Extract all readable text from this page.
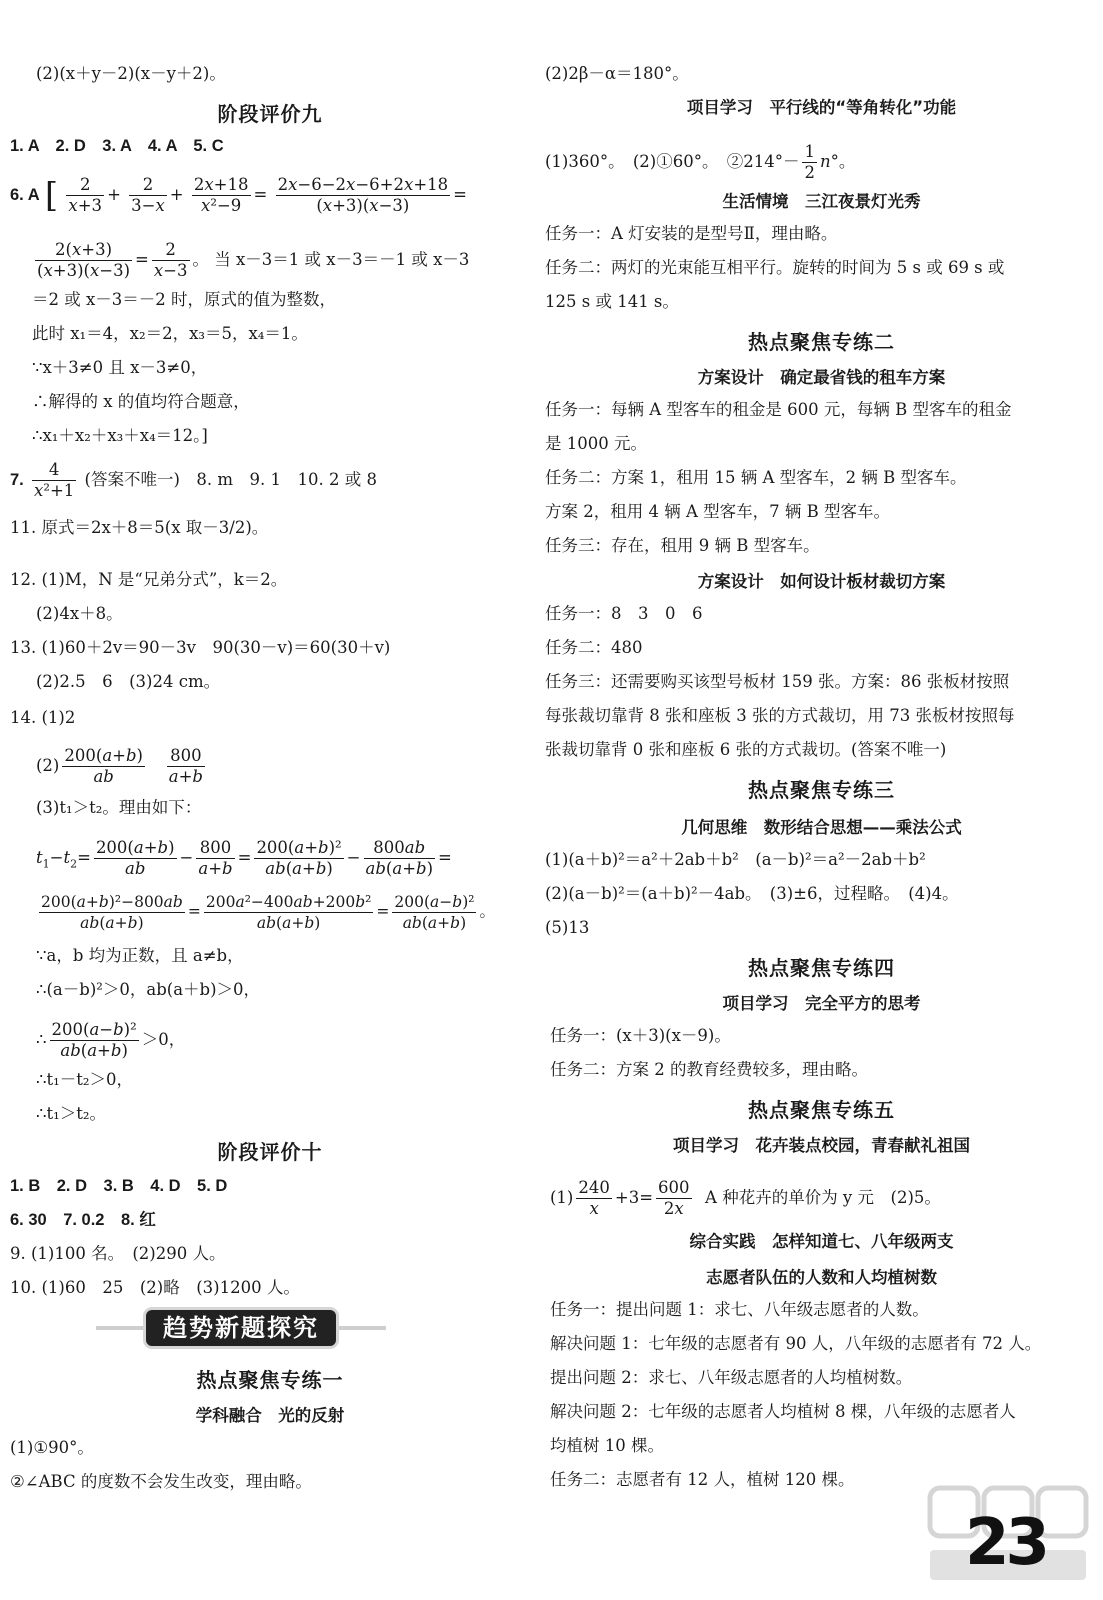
(2)(x＋y－2)(x－y＋2)。
阶段评价九
1. A　2. D　3. A　4. A　5. C
6. A [ $\frac{2}{x+3} + \frac{2}{3-x} + \frac{2x+18}{\text{x²−9}} = \frac{2x-6-2x-6+2x+18}{(x+3)(x-3)}$ =
$\frac{2(x+3)}{(x+3)(x-3)} = \frac{2}{x-3}$ 。 当 x－3＝1 或 x－3＝－1 或 x－3
＝2 或 x－3＝－2 时，原式的值为整数，
此时 x₁＝4，x₂＝2，x₃＝5，x₄＝1。
∵x＋3≠0 且 x－3≠0，
∴解得的 x 的值均符合题意，
∴x₁＋x₂＋x₃＋x₄＝12。]
7. $\frac{4}{\text{x²+1}}$ (答案不唯一)　8. m　9. 1　10. 2 或 8
11. 原式＝2x＋8＝5(x 取－3/2)。
12. (1)M，N 是“兄弟分式”，k＝2。
(2)4x＋8。
13. (1)60＋2v＝90－3v　90(30－v)＝60(30＋v)
(2)2.5　6　(3)24 cm。
14. (1)2
$(2) \frac{200(a+b)}{ab}$
$\frac{800}{a+b}$
(3)t₁＞t₂。理由如下：
$t_1-t_2= \frac{200(a+b)}{ab} - \frac{800}{a+b} = \frac{\text{200(a+b)²}}{ab(a+b)} - \frac{800ab}{ab(a+b)}$ =
$\frac{\text{200(a+b)²−800ab}}{ab(a+b)} = \frac{\text{200a²−400ab+200b²}}{ab(a+b)} = \frac{\text{200(a−b)²}}{ab(a+b)}$ 。
∵a，b 均为正数，且 a≠b，
∴(a－b)²＞0，ab(a＋b)＞0，
∴ $\frac{\text{200(a−b)²}}{ab(a+b)} >0$，
∴t₁－t₂＞0，
∴t₁＞t₂。
阶段评价十
1. B　2. D　3. B　4. D　5. D
6. 30　7. 0.2　8. 红
9. (1)100 名。　(2)290 人。
10. (1)60　25　(2)略　(3)1200 人。
趋势新题探究
热点聚焦专练一
学科融合　光的反射
(1)①90°。
②∠ABC 的度数不会发生改变，理由略。
(2)2β－α＝180°。
项目学习　平行线的“等角转化”功能
(1)360°。　(2)①60°。　②214°－ $\frac{1}{2} n^\circ$。
生活情境　三江夜景灯光秀
任务一：A 灯安装的是型号Ⅱ，理由略。
任务二：两灯的光束能互相平行。旋转的时间为 5 s 或 69 s 或
125 s 或 141 s。
热点聚焦专练二
方案设计　确定最省钱的租车方案
任务一：每辆 A 型客车的租金是 600 元，每辆 B 型客车的租金
是 1000 元。
任务二：方案 1，租用 15 辆 A 型客车，2 辆 B 型客车。
方案 2，租用 4 辆 A 型客车，7 辆 B 型客车。
任务三：存在，租用 9 辆 B 型客车。
方案设计　如何设计板材裁切方案
任务一：8　3　0　6
任务二：480
任务三：还需要购买该型号板材 159 张。方案：86 张板材按照
每张裁切靠背 8 张和座板 3 张的方式裁切，用 73 张板材按照每
张裁切靠背 0 张和座板 6 张的方式裁切。(答案不唯一)
热点聚焦专练三
几何思维　数形结合思想——乘法公式
(1)(a＋b)²＝a²＋2ab＋b²　(a－b)²＝a²－2ab＋b²
(2)(a－b)²＝(a＋b)²－4ab。　(3)±6，过程略。　(4)4。
(5)13
热点聚焦专练四
项目学习　完全平方的思考
任务一：(x＋3)(x－9)。
任务二：方案 2 的教育经费较多，理由略。
热点聚焦专练五
项目学习　花卉装点校园，青春献礼祖国
$(1) \frac{240}{x} +3= \frac{600}{2x}$ A 种花卉的单价为 y 元　(2)5。
综合实践　怎样知道七、八年级两支
志愿者队伍的人数和人均植树数
任务一：提出问题 1：求七、八年级志愿者的人数。
解决问题 1：七年级的志愿者有 90 人，八年级的志愿者有 72 人。
提出问题 2：求七、八年级志愿者的人均植树数。
解决问题 2：七年级的志愿者人均植树 8 棵，八年级的志愿者人
均植树 10 棵。
任务二：志愿者有 12 人，植树 120 棵。
23
